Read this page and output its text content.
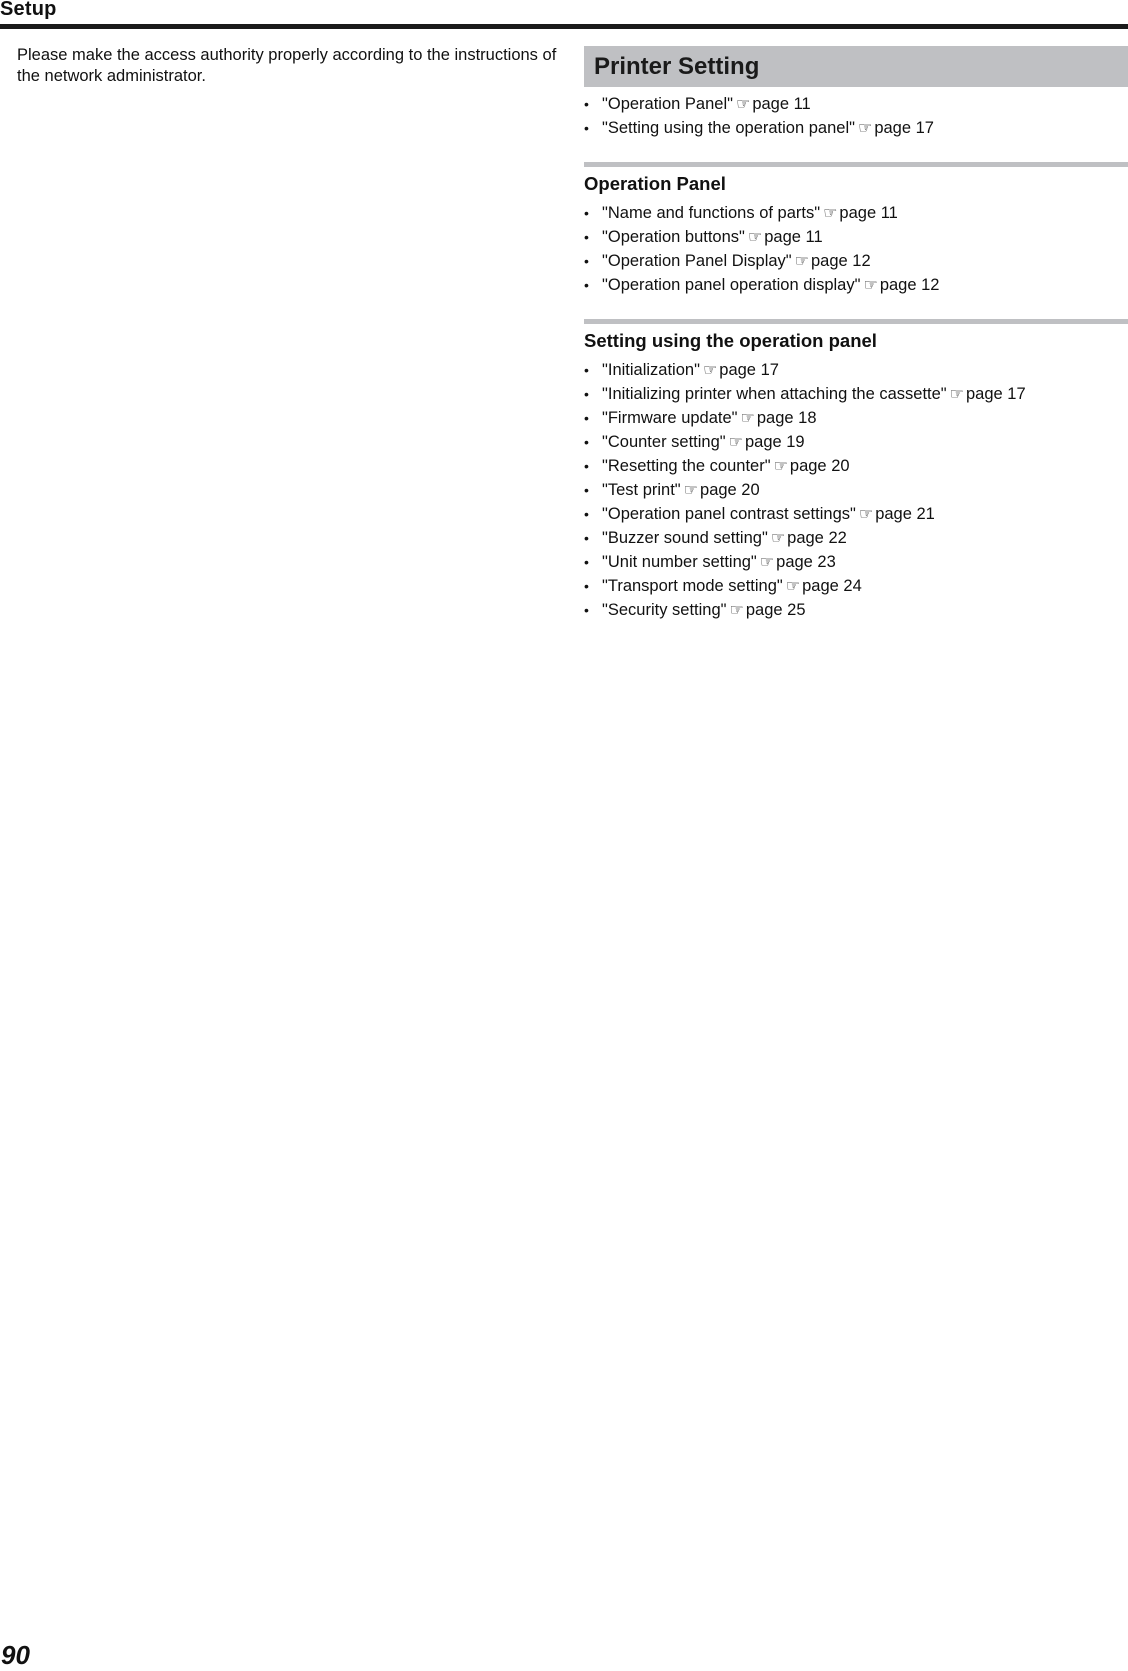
Setup

Please make the access authority properly according to the instructions of the network administrator.	Printer Setting
• "Operation Panel" ☞ page 11
• "Setting using the operation panel" ☞ page 17
Operation Panel
• "Name and functions of parts" ☞ page 11
• "Operation buttons" ☞ page 11
• "Operation Panel Display" ☞ page 12
• "Operation panel operation display" ☞ page 12
Setting using the operation panel
• "Initialization" ☞ page 17
• "Initializing printer when attaching the cassette" ☞ page 17
• "Firmware update" ☞ page 18
• "Counter setting" ☞ page 19
• "Resetting the counter" ☞ page 20
• "Test print" ☞ page 20
• "Operation panel contrast settings" ☞ page 21
• "Buzzer sound setting" ☞ page 22
• "Unit number setting" ☞ page 23
• "Transport mode setting" ☞ page 24
• "Security setting" ☞ page 25
90
